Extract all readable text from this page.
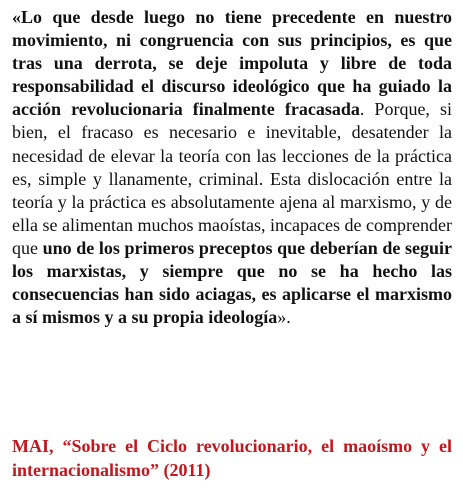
«Lo que desde luego no tiene precedente en nuestro movimiento, ni congruencia con sus principios, es que tras una derrota, se deje impoluta y libre de toda responsabilidad el discurso ideológico que ha guiado la acción revolucionaria finalmente fracasada. Porque, si bien, el fracaso es necesario e inevitable, desatender la necesidad de elevar la teoría con las lecciones de la práctica es, simple y llanamente, criminal. Esta dislocación entre la teoría y la práctica es absolutamente ajena al marxismo, y de ella se alimentan muchos maoístas, incapaces de comprender que uno de los primeros preceptos que deberían de seguir los marxistas, y siempre que no se ha hecho las consecuencias han sido aciagas, es aplicarse el marxismo a sí mismos y a su propia ideología».

MAI, “Sobre el Ciclo revolucionario, el maoísmo y el internacionalismo” (2011)
